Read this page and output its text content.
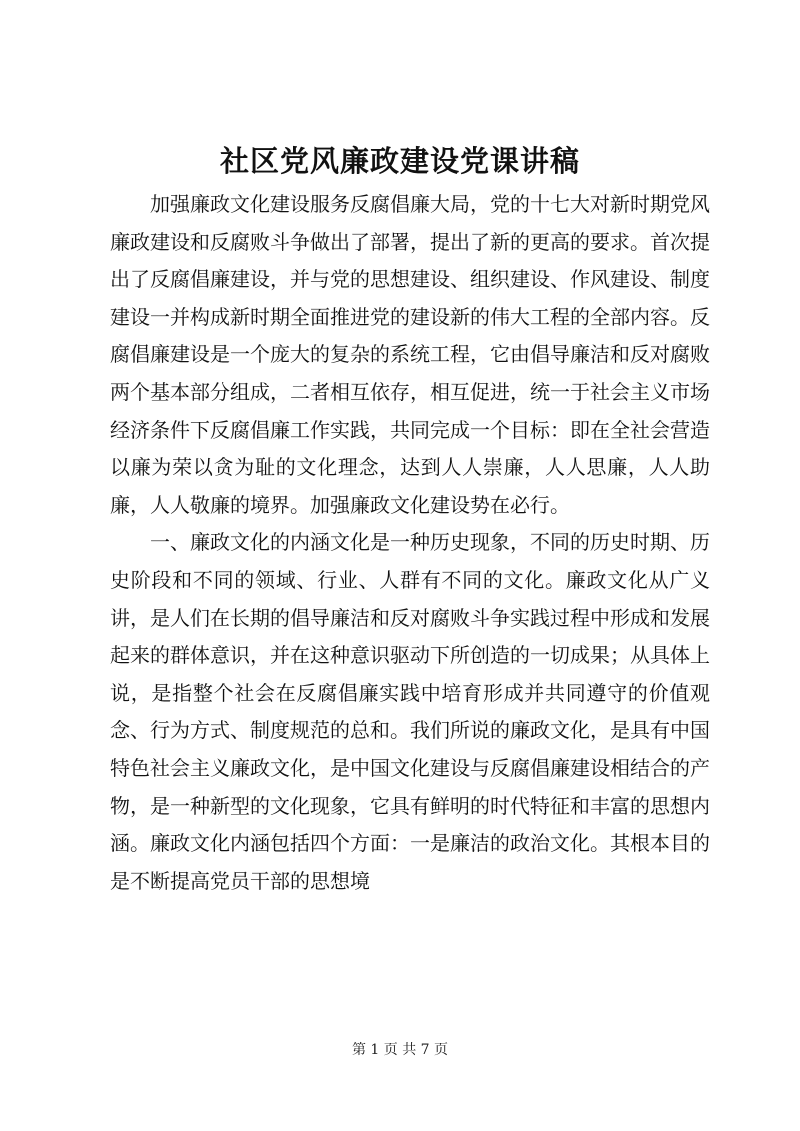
社区党风廉政建设党课讲稿

加强廉政文化建设服务反腐倡廉大局，党的十七大对新时期党风廉政建设和反腐败斗争做出了部署，提出了新的更高的要求。首次提出了反腐倡廉建设，并与党的思想建设、组织建设、作风建设、制度建设一并构成新时期全面推进党的建设新的伟大工程的全部内容。反腐倡廉建设是一个庞大的复杂的系统工程，它由倡导廉洁和反对腐败两个基本部分组成，二者相互依存，相互促进，统一于社会主义市场经济条件下反腐倡廉工作实践，共同完成一个目标：即在全社会营造以廉为荣以贪为耻的文化理念，达到人人崇廉，人人思廉，人人助廉，人人敬廉的境界。加强廉政文化建设势在必行。

一、廉政文化的内涵文化是一种历史现象，不同的历史时期、历史阶段和不同的领域、行业、人群有不同的文化。廉政文化从广义讲，是人们在长期的倡导廉洁和反对腐败斗争实践过程中形成和发展起来的群体意识，并在这种意识驱动下所创造的一切成果；从具体上说，是指整个社会在反腐倡廉实践中培育形成并共同遵守的价值观念、行为方式、制度规范的总和。我们所说的廉政文化，是具有中国特色社会主义廉政文化，是中国文化建设与反腐倡廉建设相结合的产物，是一种新型的文化现象，它具有鲜明的时代特征和丰富的思想内涵。廉政文化内涵包括四个方面：一是廉洁的政治文化。其根本目的是不断提高党员干部的思想境

第 1 页 共 7 页
